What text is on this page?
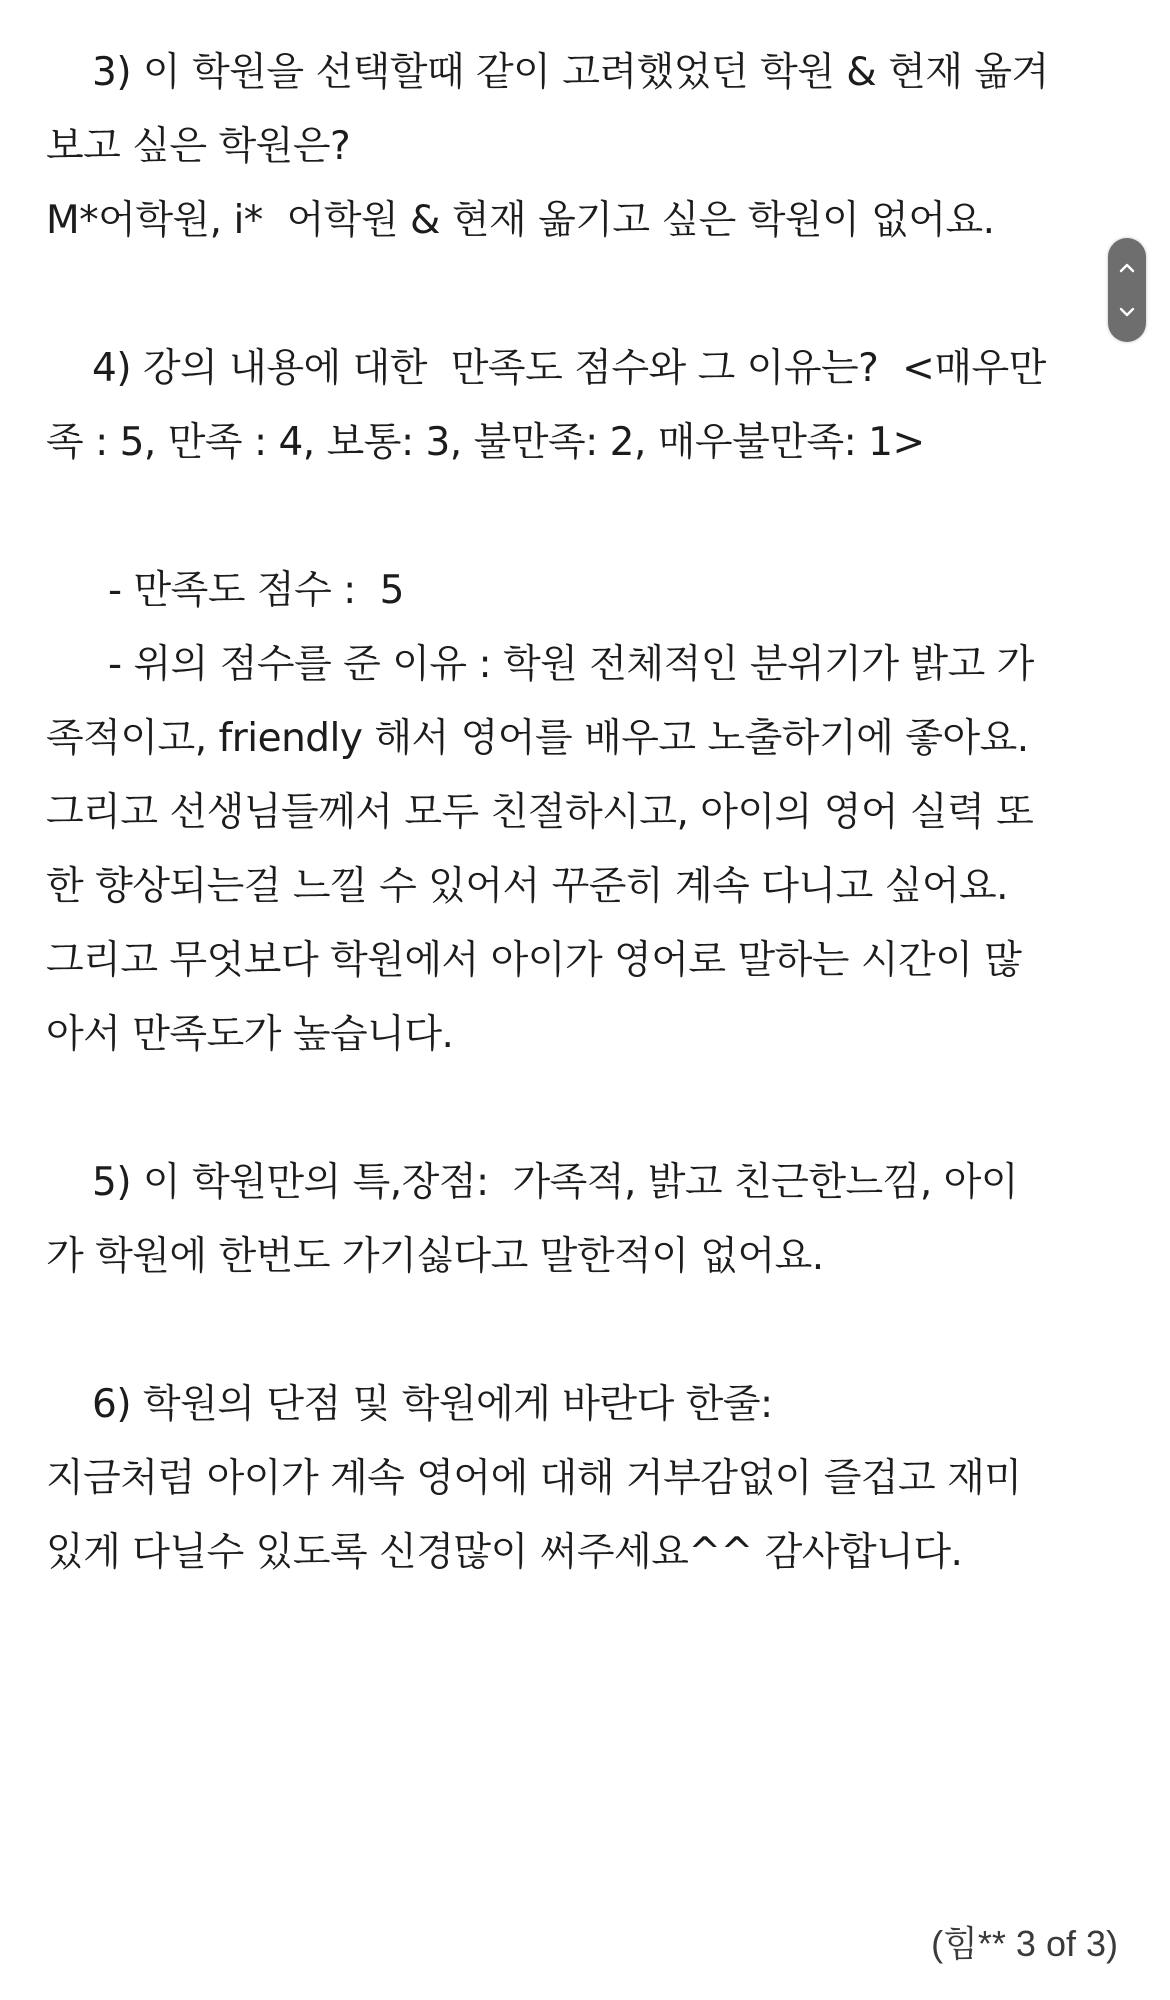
3) 이 학원을 선택할때 같이 고려했었던 학원 & 현재 옮겨
보고 싶은 학원은?
M*어학원, i*  어학원 & 현재 옮기고 싶은 학원이 없어요.
4) 강의 내용에 대한  만족도 점수와 그 이유는?  <매우만
족 : 5, 만족 : 4, 보통: 3, 불만족: 2, 매우불만족: 1>
- 만족도 점수 :  5
- 위의 점수를 준 이유 : 학원 전체적인 분위기가 밝고 가
족적이고, friendly 해서 영어를 배우고 노출하기에 좋아요.
그리고 선생님들께서 모두 친절하시고, 아이의 영어 실력 또
한 향상되는걸 느낄 수 있어서 꾸준히 계속 다니고 싶어요.
그리고 무엇보다 학원에서 아이가 영어로 말하는 시간이 많
아서 만족도가 높습니다.
5) 이 학원만의 특,장점:  가족적, 밝고 친근한느낌, 아이
가 학원에 한번도 가기싫다고 말한적이 없어요.
6) 학원의 단점 및 학원에게 바란다 한줄:
지금처럼 아이가 계속 영어에 대해 거부감없이 즐겁고 재미
있게 다닐수 있도록 신경많이 써주세요^^ 감사합니다.
(힘** 3 of 3)
